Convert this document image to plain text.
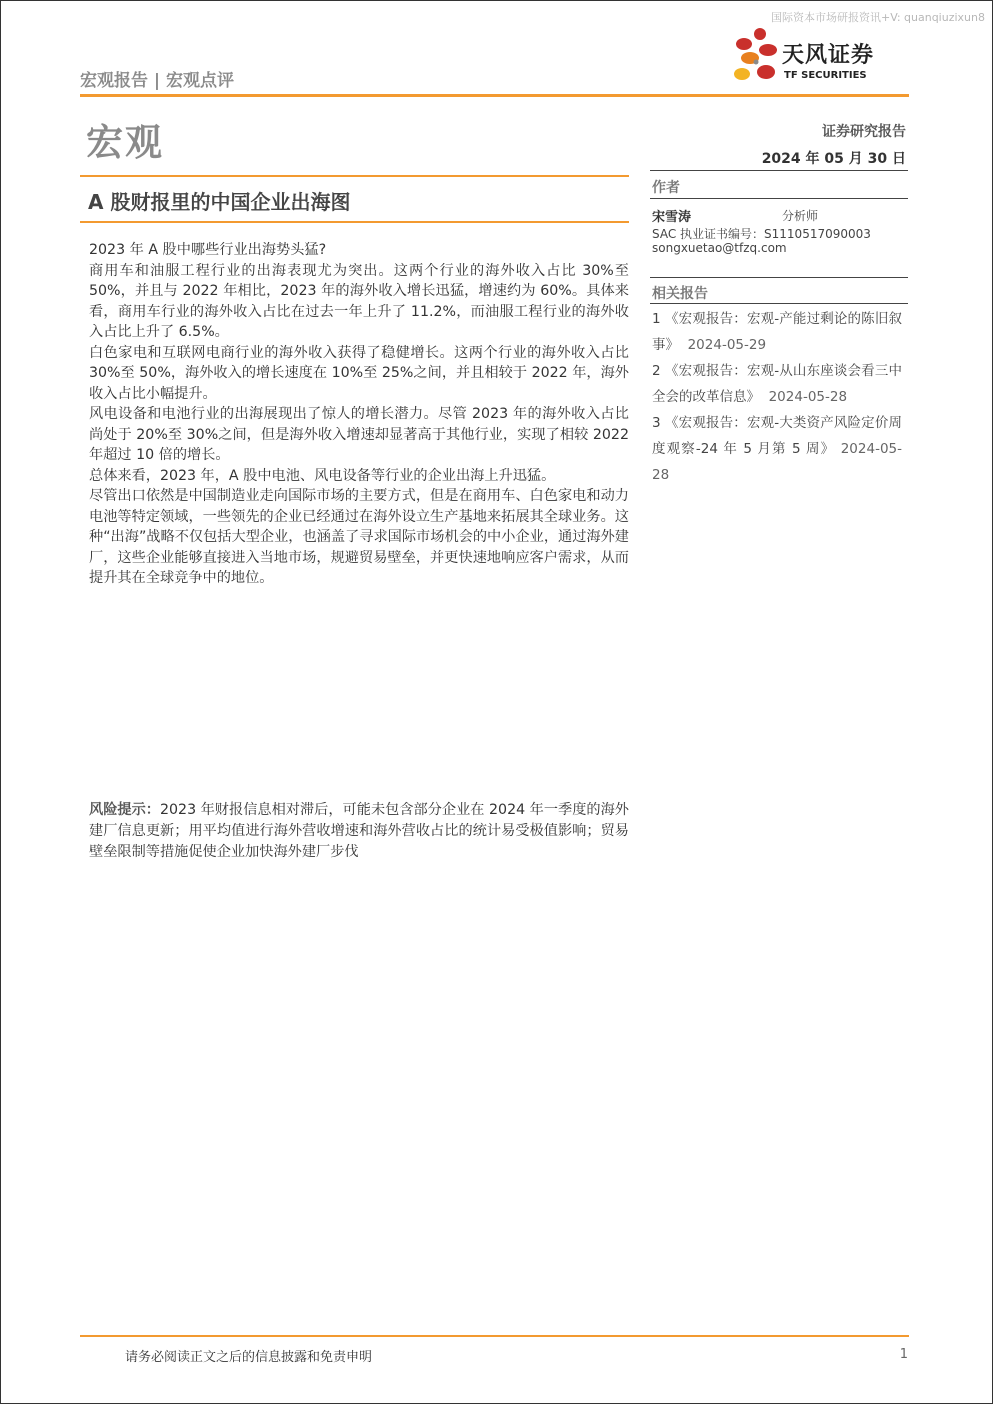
国际资本市场研报资讯+V: quanqiuzixun8
宏观报告 | 宏观点评
天风证券
TF SECURITIES
宏观	证券研究报告
2024 年 05 月 30 日
A 股财报里的中国企业出海图

2023 年 A 股中哪些行业出海势头猛?

商用车和油服工程行业的出海表现尤为突出。这两个行业的海外收入占比 30%至 50%，并且与 2022 年相比，2023 年的海外收入增长迅猛，增速约为 60%。具体来看，商用车行业的海外收入占比在过去一年上升了 11.2%，而油服工程行业的海外收入占比上升了 6.5%。

白色家电和互联网电商行业的海外收入获得了稳健增长。这两个行业的海外收入占比 30%至 50%，海外收入的增长速度在 10%至 25%之间，并且相较于 2022 年，海外收入占比小幅提升。

风电设备和电池行业的出海展现出了惊人的增长潜力。尽管 2023 年的海外收入占比尚处于 20%至 30%之间，但是海外收入增速却显著高于其他行业，实现了相较 2022 年超过 10 倍的增长。

总体来看，2023 年，A 股中电池、风电设备等行业的企业出海上升迅猛。

尽管出口依然是中国制造业走向国际市场的主要方式，但是在商用车、白色家电和动力电池等特定领域，一些领先的企业已经通过在海外设立生产基地来拓展其全球业务。这种“出海”战略不仅包括大型企业，也涵盖了寻求国际市场机会的中小企业，通过海外建厂，这些企业能够直接进入当地市场，规避贸易壁垒，并更快速地响应客户需求，从而提升其在全球竞争中的地位。

风险提示：2023 年财报信息相对滞后，可能未包含部分企业在 2024 年一季度的海外建厂信息更新；用平均值进行海外营收增速和海外营收占比的统计易受极值影响；贸易壁垒限制等措施促使企业加快海外建厂步伐
作者
宋雪涛	分析师
SAC 执业证书编号：S1110517090003
songxuetao@tfzq.com
相关报告

1 《宏观报告：宏观-产能过剩论的陈旧叙事》 2024-05-29

2 《宏观报告：宏观-从山东座谈会看三中全会的改革信息》 2024-05-28

3 《宏观报告：宏观-大类资产风险定价周度观察-24 年 5 月第 5 周》 2024-05-28

请务必阅读正文之后的信息披露和免责申明	1
